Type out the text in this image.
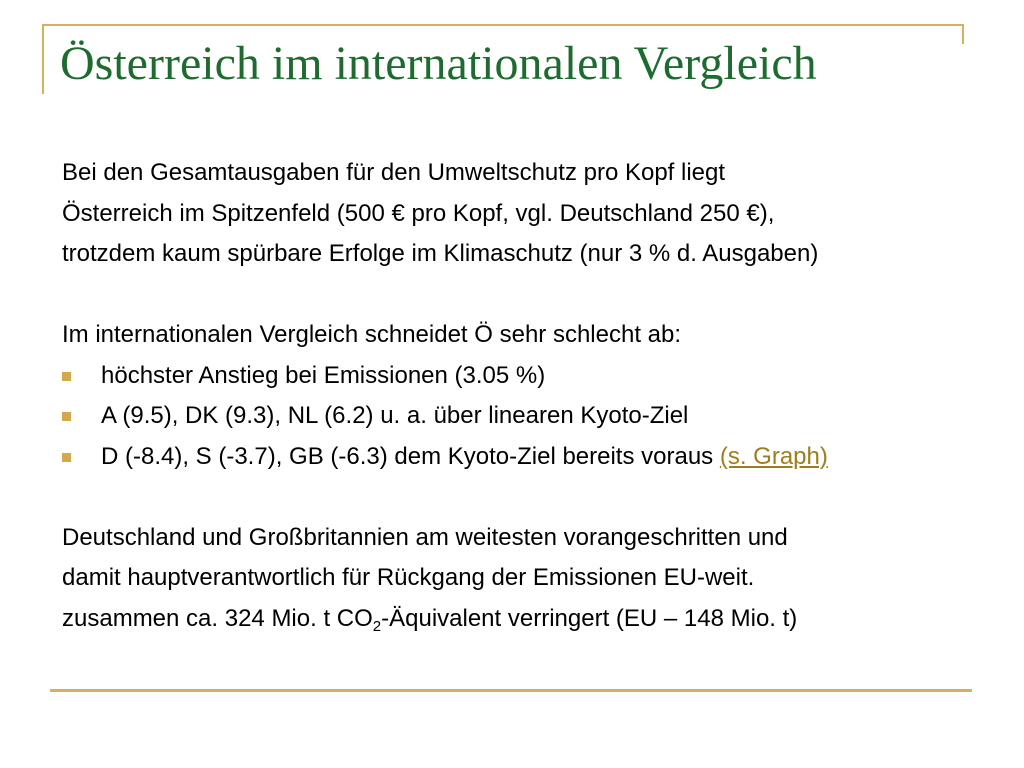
Österreich im internationalen Vergleich
Bei den Gesamtausgaben für den Umweltschutz pro Kopf liegt
Österreich im Spitzenfeld (500 € pro Kopf, vgl. Deutschland 250 €),
trotzdem kaum spürbare Erfolge im Klimaschutz (nur 3 % d. Ausgaben)
Im internationalen Vergleich schneidet Ö sehr schlecht ab:
höchster Anstieg bei Emissionen (3.05 %)
A (9.5), DK (9.3), NL (6.2) u. a. über linearen Kyoto-Ziel
D (-8.4), S (-3.7), GB (-6.3) dem Kyoto-Ziel bereits voraus (s. Graph)
Deutschland und Großbritannien am weitesten vorangeschritten und
damit hauptverantwortlich für Rückgang der Emissionen EU-weit.
zusammen ca. 324 Mio. t $CO_2$-Äquivalent verringert (EU – 148 Mio. t)
